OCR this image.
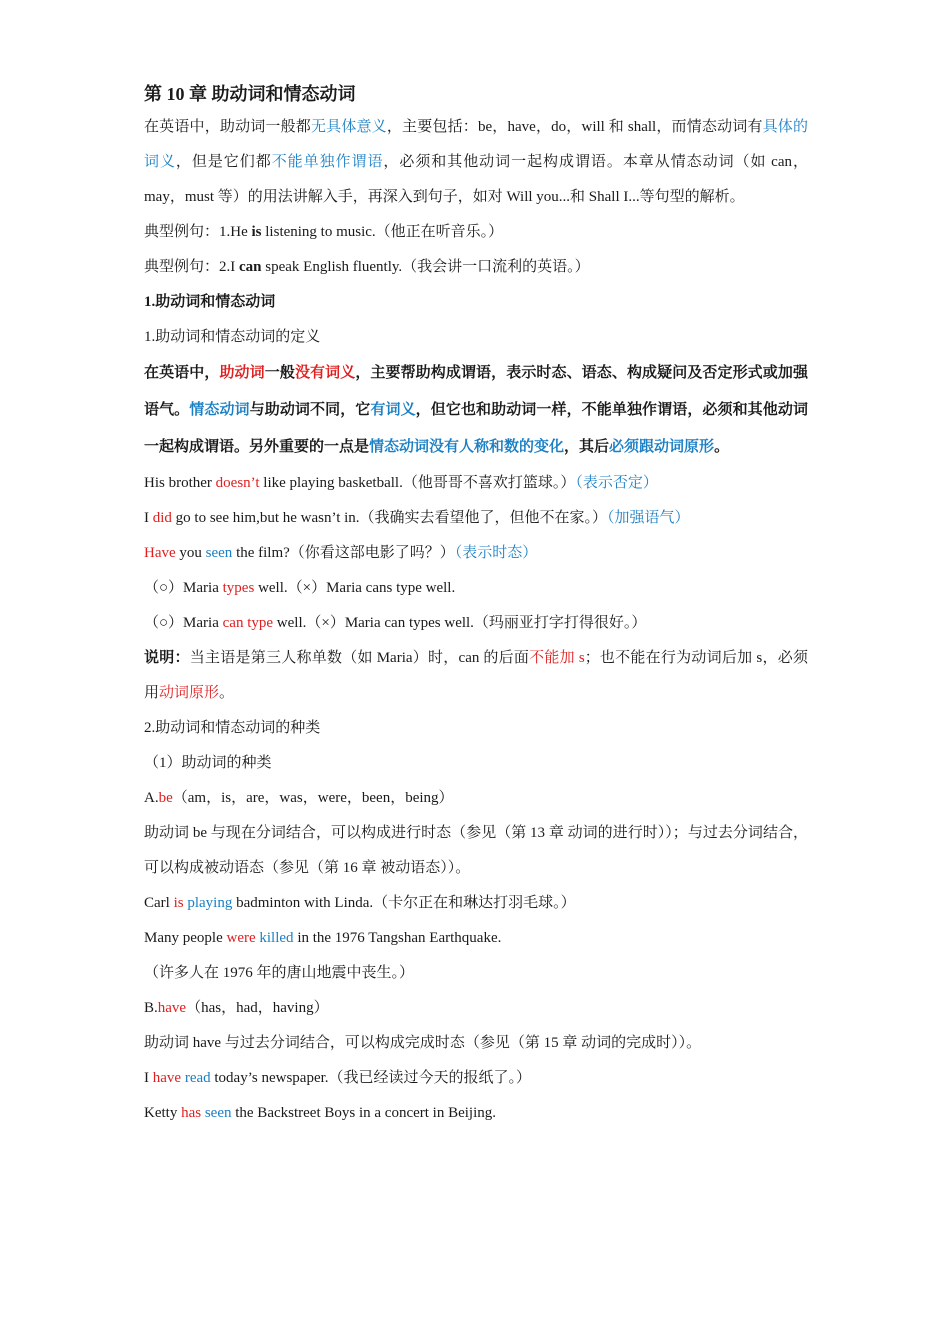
第 10 章 助动词和情态动词

在英语中，助动词一般都无具体意义，主要包括：be，have，do，will 和 shall，而情态动词有具体的词义，但是它们都不能单独作谓语，必须和其他动词一起构成谓语。本章从情态动词（如 can，may，must 等）的用法讲解入手，再深入到句子，如对 Will you...和 Shall I...等句型的解析。

典型例句：1.He is listening to music.（他正在听音乐。）

典型例句：2.I can speak English fluently.（我会讲一口流利的英语。）

1.助动词和情态动词

1.助动词和情态动词的定义

在英语中，助动词一般没有词义，主要帮助构成谓语，表示时态、语态、构成疑问及否定形式或加强语气。情态动词与助动词不同，它有词义，但它也和助动词一样，不能单独作谓语，必须和其他动词一起构成谓语。另外重要的一点是情态动词没有人称和数的变化，其后必须跟动词原形。

His brother doesn’t like playing basketball.（他哥哥不喜欢打篮球。）（表示否定）

I did go to see him,but he wasn’t in.（我确实去看望他了，但他不在家。）（加强语气）

Have you seen the film?（你看这部电影了吗？）（表示时态）

（○）Maria types well.（×）Maria cans type well.

（○）Maria can type well.（×）Maria can types well.（玛丽亚打字打得很好。）

说明：当主语是第三人称单数（如 Maria）时，can 的后面不能加 s；也不能在行为动词后加 s，必须用动词原形。

2.助动词和情态动词的种类

（1）助动词的种类

A.be（am，is，are，was，were，been，being）

助动词 be 与现在分词结合，可以构成进行时态（参见（第 13 章 动词的进行时））；与过去分词结合，可以构成被动语态（参见（第 16 章 被动语态））。

Carl is playing badminton with Linda.（卡尔正在和琳达打羽毛球。）

Many people were killed in the 1976 Tangshan Earthquake.

（许多人在 1976 年的唐山地震中丧生。）

B.have（has，had，having）

助动词 have 与过去分词结合，可以构成完成时态（参见（第 15 章 动词的完成时））。

I have read today’s newspaper.（我已经读过今天的报纸了。）

Ketty has seen the Backstreet Boys in a concert in Beijing.
